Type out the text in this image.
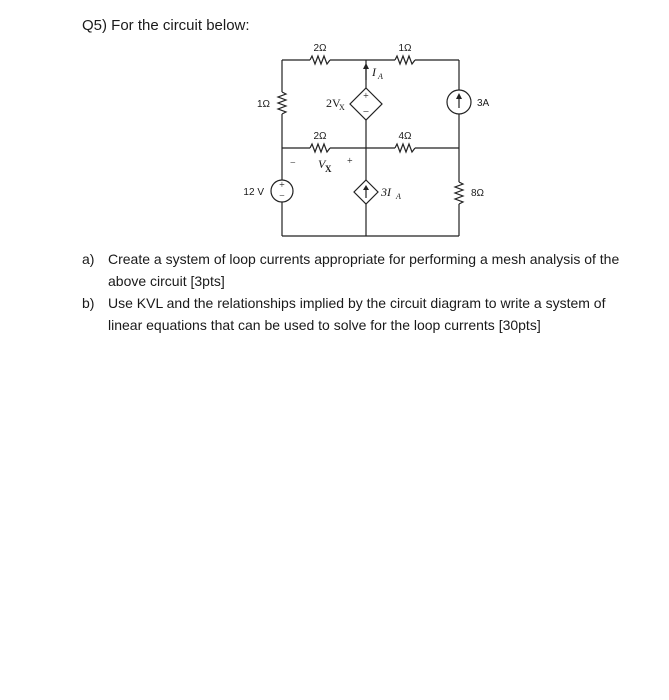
Q5) For the circuit below:
+
−
+
−
2Ω	1Ω
1Ω
2Ω	4Ω
8Ω
3A
12 V
I A
2V
X
− V X
+
3I A
a) Create a system of loop currents appropriate for performing a mesh analysis of the above circuit [3pts]
b) Use KVL and the relationships implied by the circuit diagram to write a system of linear equations that can be used to solve for the loop currents [30pts]
